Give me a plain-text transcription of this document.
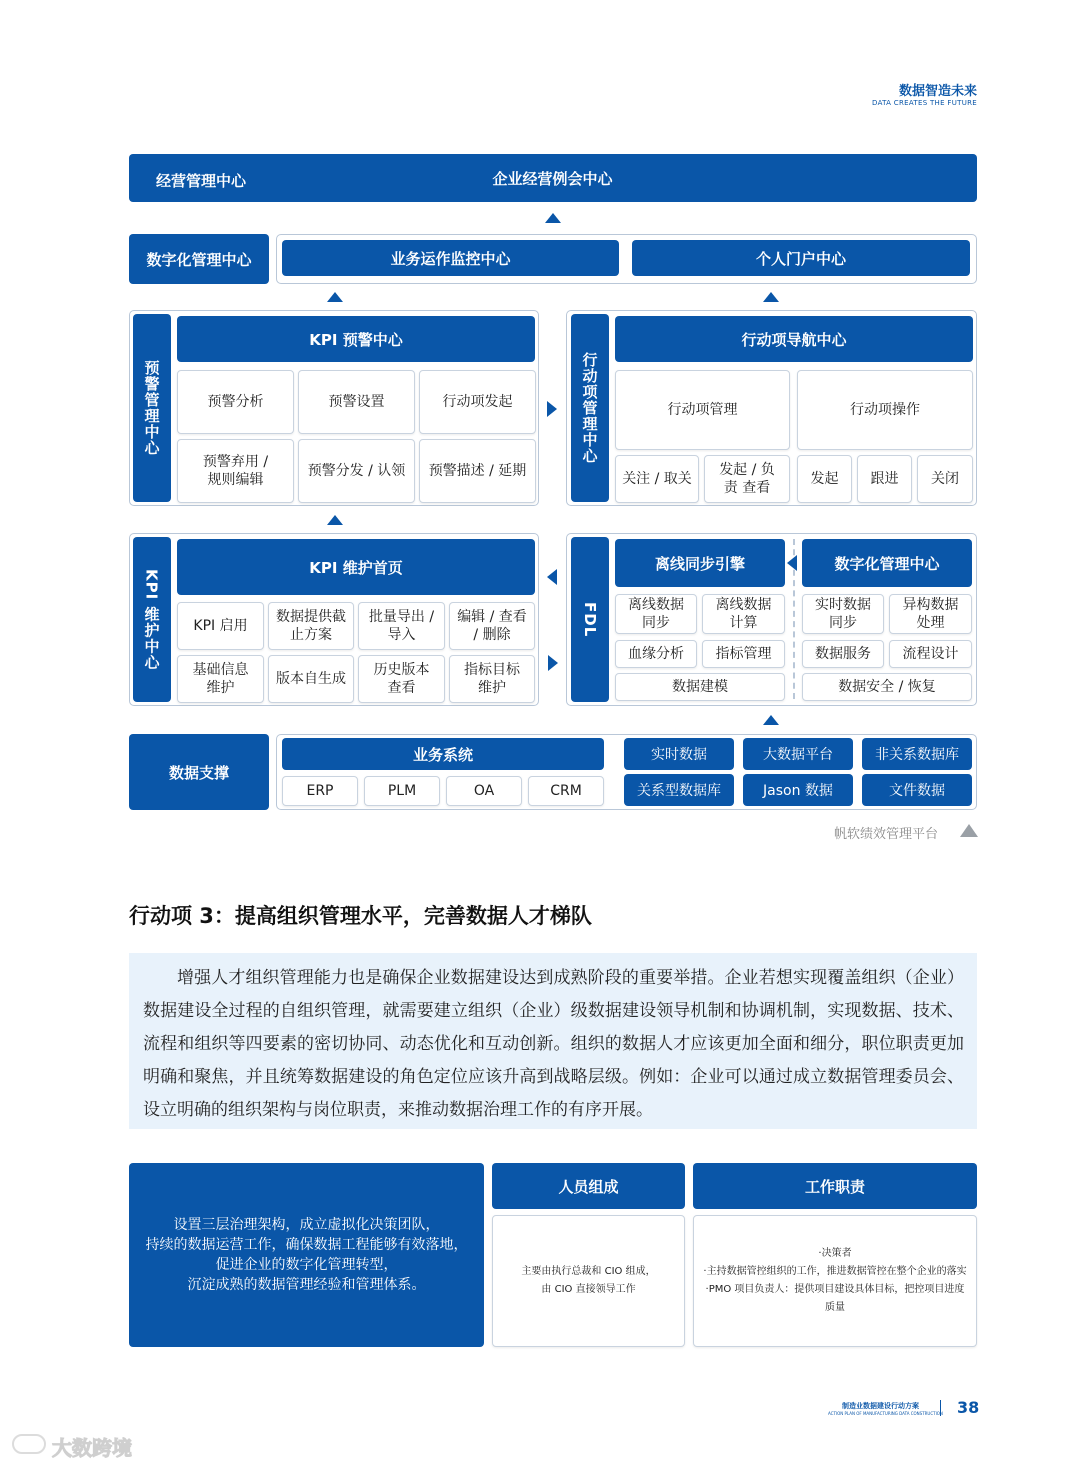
数据智造未来
DATA CREATES THE FUTURE
经营管理中心	企业经营例会中心
数字化管理中心	业务运作监控中心	个人门户中心
预警管理中心
KPI 预警中心
预警分析	预警设置	行动项发起
预警弃用 / 规则编辑
预警分发 / 认领	预警描述 / 延期
行动项管理中心
行动项导航中心
行动项管理	行动项操作
关注 / 取关
发起 / 负责 查看
发起	跟进	关闭
KPI 维护中心
KPI 维护首页
KPI 启用
数据提供截 止方案
批量导出 / 导入
编辑 / 查看 / 删除
基础信息 维护
版本自生成
历史版本 查看
指标目标 维护
FDL
离线同步引擎	数字化管理中心
离线数据 同步
离线数据 计算
血缘分析	指标管理
数据建模
实时数据 同步
异构数据 处理
数据服务	流程设计
数据安全 / 恢复
数据支撑
业务系统
ERP	PLM	OA	CRM
实时数据	大数据平台	非关系数据库
关系型数据库	Jason 数据	文件数据
帆软绩效管理平台
行动项 3：提高组织管理水平，完善数据人才梯队
增强人才组织管理能力也是确保企业数据建设达到成熟阶段的重要举措。企业若想实现覆盖组织（企业）数据建设全过程的自组织管理，就需要建立组织（企业）级数据建设领导机制和协调机制，实现数据、技术、流程和组织等四要素的密切协同、动态优化和互动创新。组织的数据人才应该更加全面和细分，职位职责更加明确和聚焦，并且统筹数据建设的角色定位应该升高到战略层级。例如：企业可以通过成立数据管理委员会、设立明确的组织架构与岗位职责，来推动数据治理工作的有序开展。
设置三层治理架构，成立虚拟化决策团队，
持续的数据运营工作，确保数据工程能够有效落地，
促进企业的数字化管理转型，
沉淀成熟的数据管理经验和管理体系。
人员组成	工作职责
主要由执行总裁和 CIO 组成，
由 CIO 直接领导工作
·决策者
·主持数据管控组织的工作，推进数据管控在整个企业的落实
·PMO 项目负责人：提供项目建设具体目标，把控项目进度
质量
制造业数据建设行动方案
ACTION PLAN OF MANUFACTURING DATA CONSTRUCTION 38
大数跨境
